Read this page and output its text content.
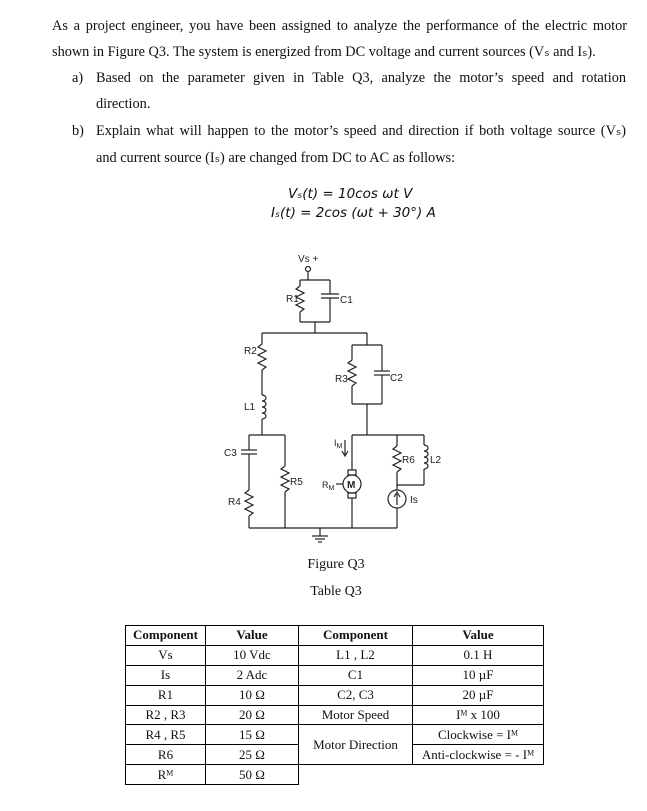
As a project engineer, you have been assigned to analyze the performance of the electric motor
shown in Figure Q3. The system is energized from DC voltage and current sources (Vₛ and Iₛ).
a) Based on the parameter given in Table Q3, analyze the motor’s speed and rotation
direction.
b) Explain what will happen to the motor’s speed and direction if both voltage source (Vₛ)
and current source (Iₛ) are changed from DC to AC as follows:
Vₛ(t) = 10cos ωt V
Iₛ(t) = 2cos (ωt + 30°) A
Vs +
R1	C1
R2
L1
C3
R4
R5
R3	C2
$I_M$
M
$R_M$
R6
Is
L2
Figure Q3
Table Q3
Component	Value	Component	Value
Vs	10 Vdc	L1 , L2	0.1 H
Is	2 Adc	C1	10 µF
R1	10 Ω	C2, C3	20 µF
R2 , R3	20 Ω	Motor Speed	Iᴹ x 100
R4 , R5	15 Ω	Motor Direction	Clockwise = Iᴹ
R6	25 Ω		Anti-clockwise = - Iᴹ
Rᴹ	50 Ω		
